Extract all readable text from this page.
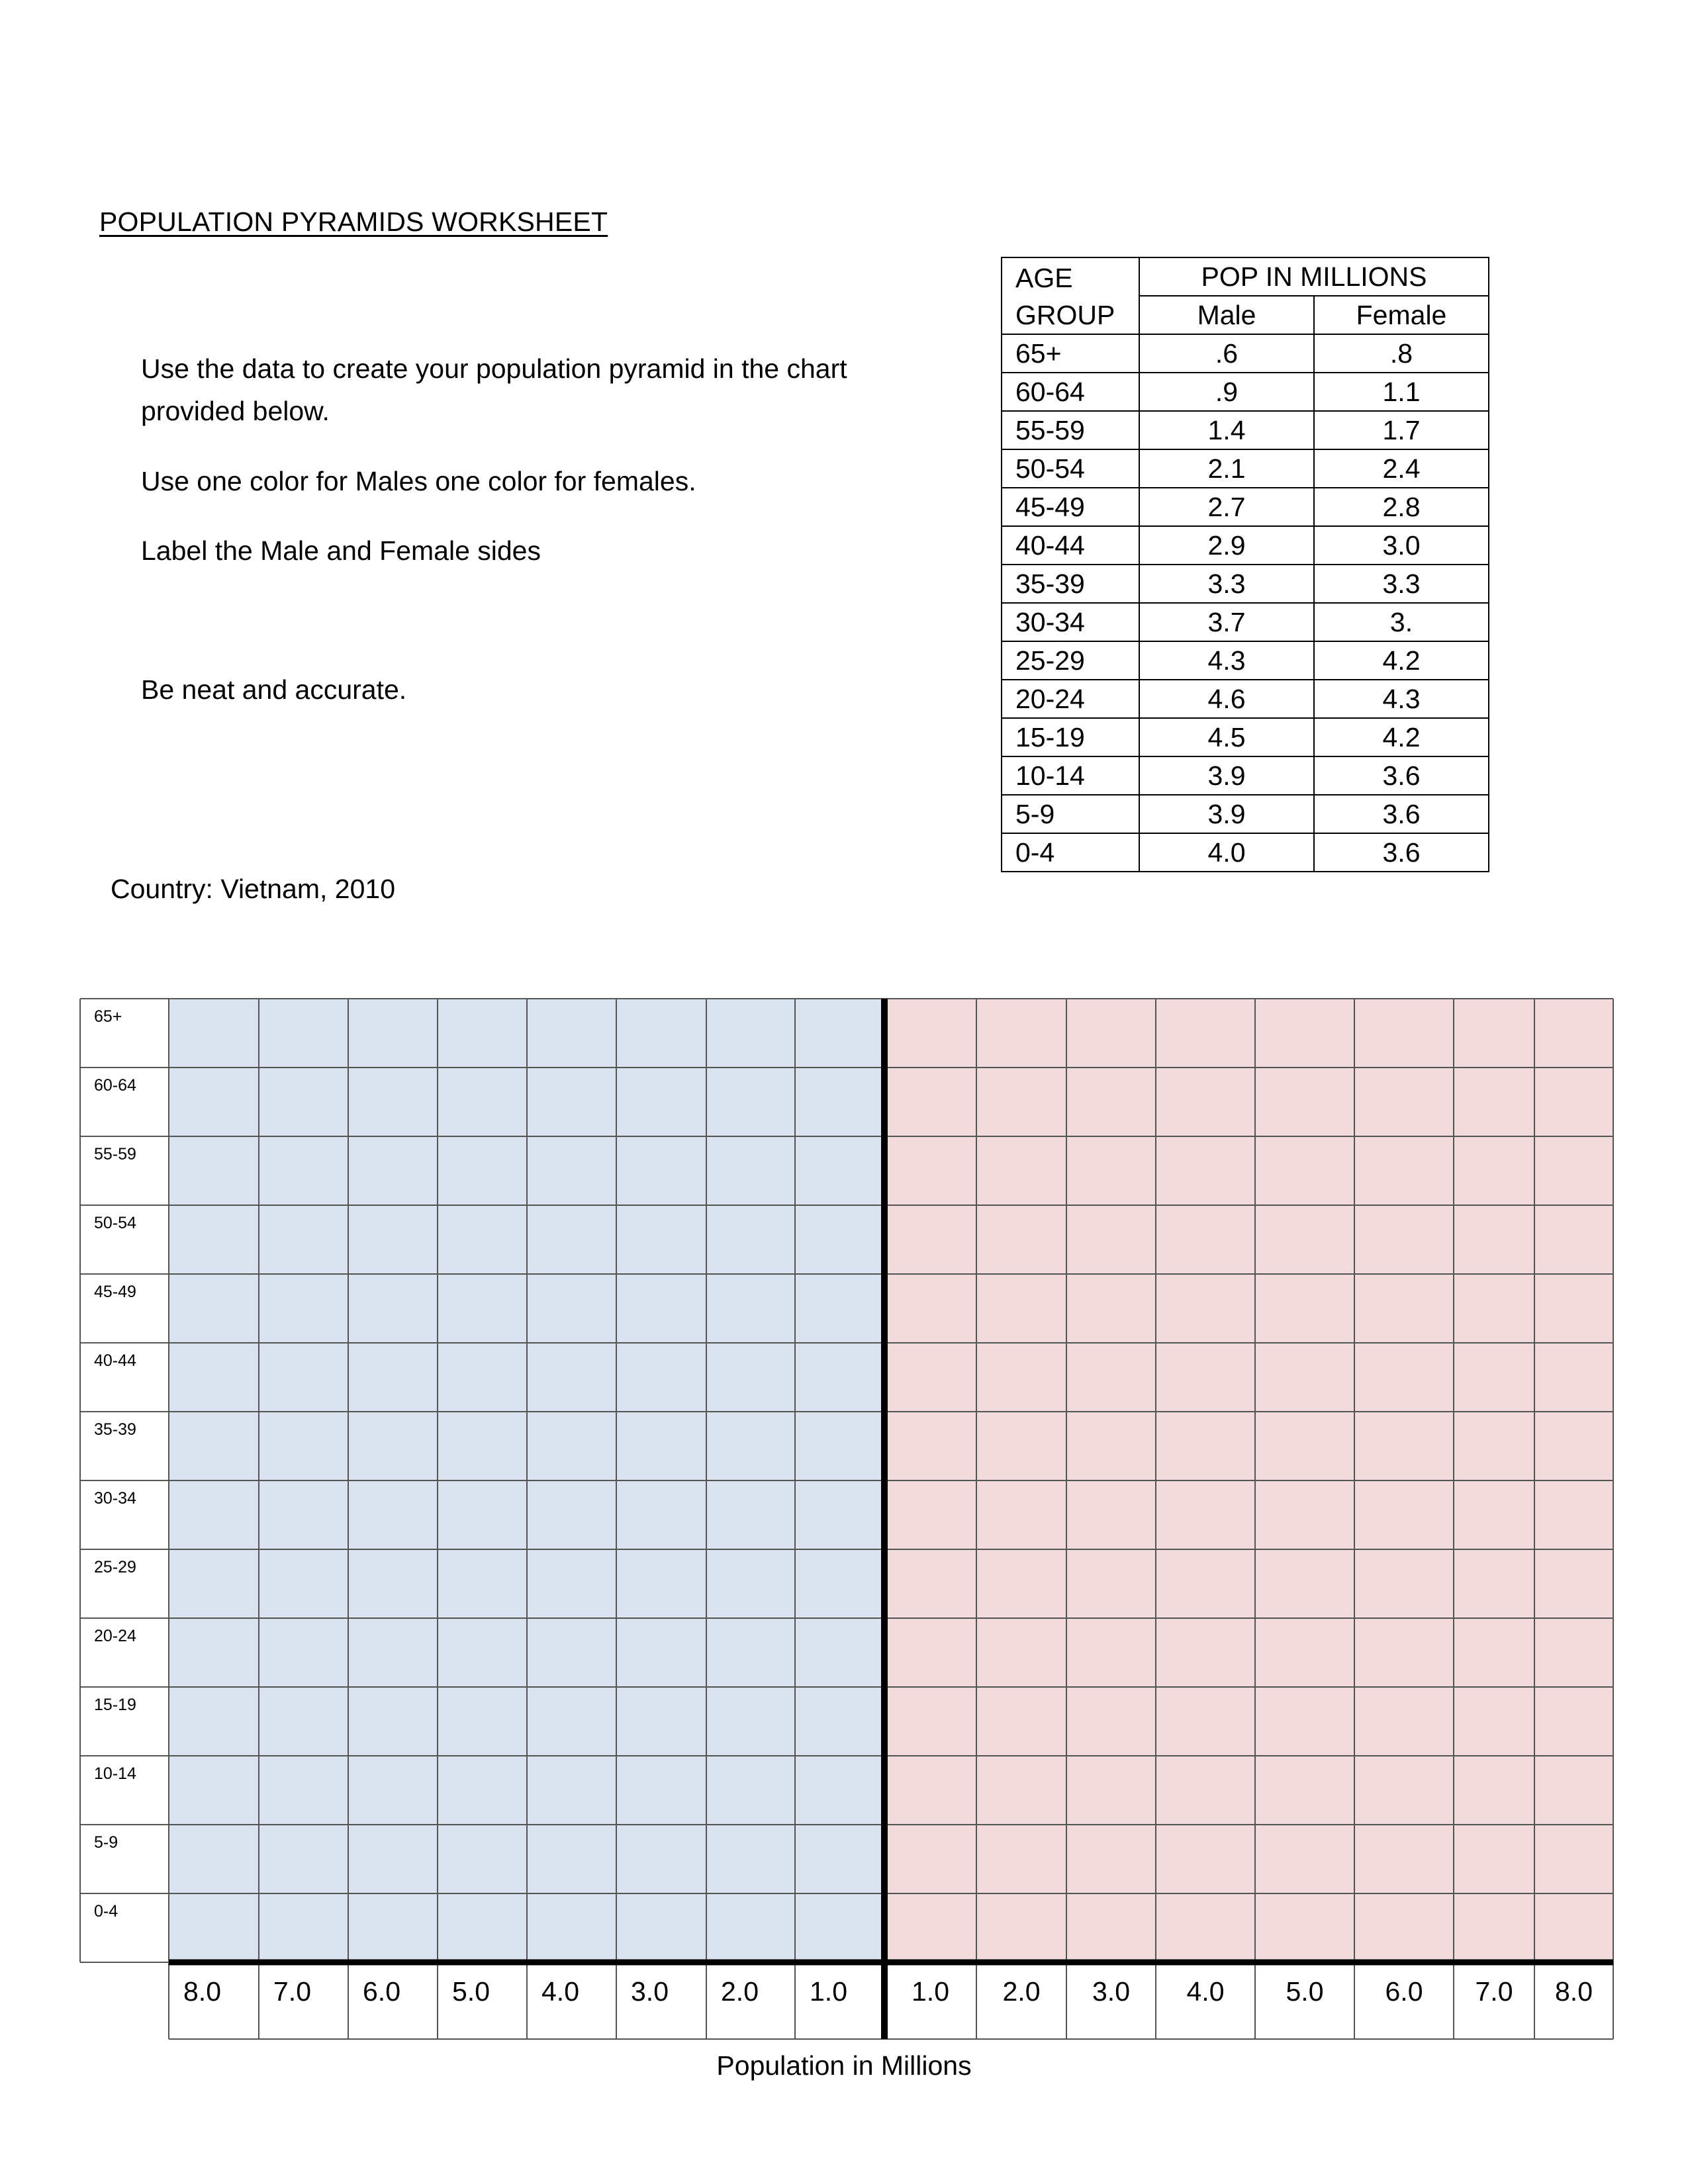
POPULATION PYRAMIDS WORKSHEET
Use the data to create your population pyramid in the chart provided below.
Use one color for Males one color for females.
Label the Male and Female sides
Be neat and accurate.
Country: Vietnam, 2010
AGE
GROUP	POP IN MILLIONS	
	Male	Female
65+	.6	.8
60-64	.9	1.1
55-59	1.4	1.7
50-54	2.1	2.4
45-49	2.7	2.8
40-44	2.9	3.0
35-39	3.3	3.3
30-34	3.7	3.
25-29	4.3	4.2
20-24	4.6	4.3
15-19	4.5	4.2
10-14	3.9	3.6
5-9	3.9	3.6
0-4	4.0	3.6
65+
60-64
55-59
50-54
45-49
40-44
35-39
30-34
25-29
20-24
15-19
10-14
5-9
0-4
8.0 7.0 6.0 5.0 4.0 3.0 2.0 1.0 1.0 2.0 3.0 4.0 5.0 6.0 7.0 8.0
Population in Millions
